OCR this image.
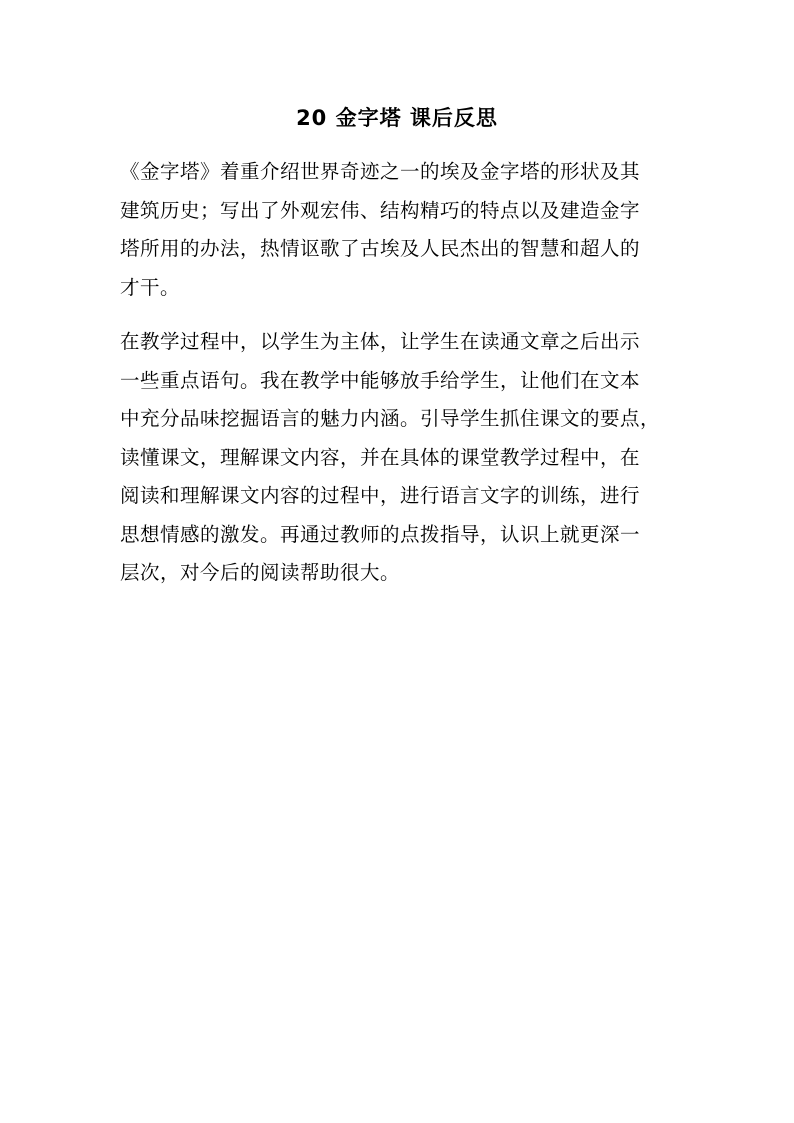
20 金字塔 课后反思

《金字塔》着重介绍世界奇迹之一的埃及金字塔的形状及其
建筑历史；写出了外观宏伟、结构精巧的特点以及建造金字
塔所用的办法，热情讴歌了古埃及人民杰出的智慧和超人的
才干。

在教学过程中，以学生为主体，让学生在读通文章之后出示
一些重点语句。我在教学中能够放手给学生，让他们在文本
中充分品味挖掘语言的魅力内涵。引导学生抓住课文的要点，
读懂课文，理解课文内容，并在具体的课堂教学过程中，在
阅读和理解课文内容的过程中，进行语言文字的训练，进行
思想情感的激发。再通过教师的点拨指导，认识上就更深一
层次，对今后的阅读帮助很大。
